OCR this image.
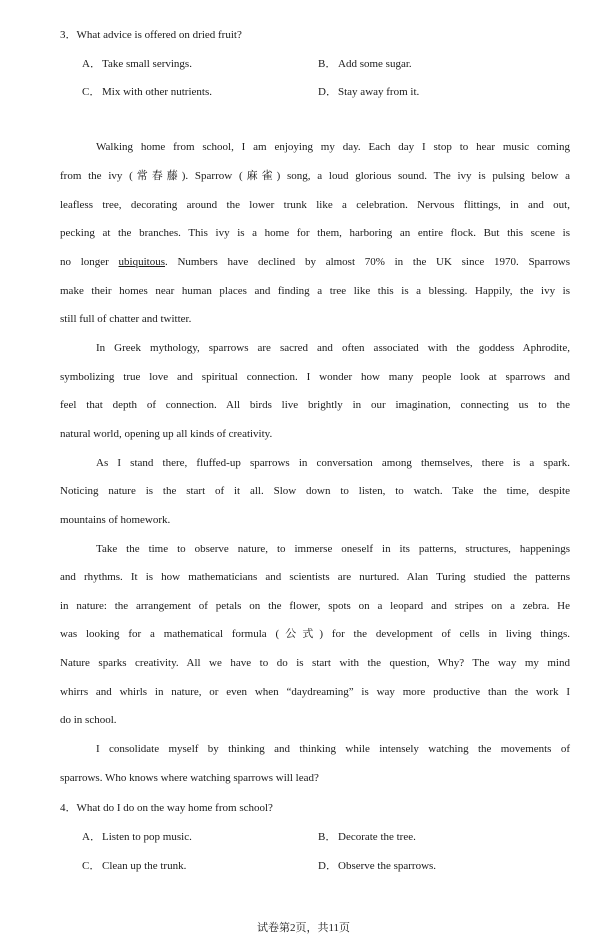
3．What advice is offered on dried fruit?
A．Take small servings.	B． Add some sugar.
C． Mix with other nutrients.	D．Stay away from it.
Walking home from school, I am enjoying my day. Each day I stop to hear music coming
from the ivy (常春藤). Sparrow (麻雀) song, a loud glorious sound. The ivy is pulsing below a
leafless tree, decorating around the lower trunk like a celebration. Nervous flittings, in and out,
pecking at the branches. This ivy is a home for them, harboring an entire flock. But this scene is
no longer ubiquitous. Numbers have declined by almost 70% in the UK since 1970. Sparrows
make their homes near human places and finding a tree like this is a blessing. Happily, the ivy is
still full of chatter and twitter.
In Greek mythology, sparrows are sacred and often associated with the goddess Aphrodite,
symbolizing true love and spiritual connection. I wonder how many people look at sparrows and
feel that depth of connection. All birds live brightly in our imagination, connecting us to the
natural world, opening up all kinds of creativity.
As I stand there, fluffed-up sparrows in conversation among themselves, there is a spark.
Noticing nature is the start of it all. Slow down to listen, to watch. Take the time, despite
mountains of homework.
Take the time to observe nature, to immerse oneself in its patterns, structures, happenings
and rhythms. It is how mathematicians and scientists are nurtured. Alan Turing studied the patterns
in nature: the arrangement of petals on the flower, spots on a leopard and stripes on a zebra. He
was looking for a mathematical formula (公式) for the development of cells in living things.
Nature sparks creativity. All we have to do is start with the question, Why? The way my mind
whirrs and whirls in nature, or even when “daydreaming” is way more productive than the work I
do in school.
I consolidate myself by thinking and thinking while intensely watching the movements of
sparrows. Who knows where watching sparrows will lead?
4．What do I do on the way home from school?
A．Listen to pop music.	B． Decorate the tree.
C． Clean up the trunk.	D．Observe the sparrows.
试卷第2页，共11页
